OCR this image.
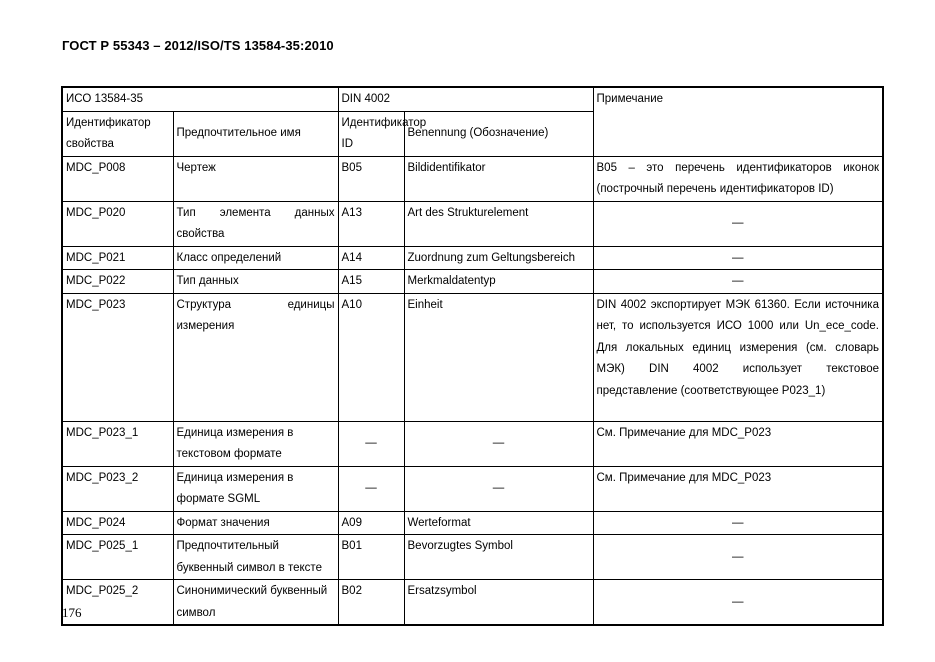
ГОСТ Р 55343 – 2012/ISO/TS 13584-35:2010
ИСО 13584-35		DIN 4002		Примечание
Идентификатор свойства	Предпочтительное имя	Идентификатор ID	Benennung (Обозначение)	
MDC_P008	Чертеж	B05	Bildidentifikator	B05 – это перечень идентификаторов иконок (построчный перечень идентификаторов ID)
MDC_P020	Тип элемента данных свойства	A13	Art des Strukturelement	—
MDC_P021	Класс определений	A14	Zuordnung zum Geltungsbereich	—
MDC_P022	Тип данных	A15	Merkmaldatentyp	—
MDC_P023	Структура единицы измерения	A10	Einheit	DIN 4002 экспортирует МЭК 61360. Если источника нет, то используется ИСО 1000 или Un_ece_code. Для локальных единиц измерения (см. словарь МЭК) DIN 4002 использует текстовое представление (соответствующее P023_1)
MDC_P023_1	Единица измерения в текстовом формате	—	—	См. Примечание для MDC_P023
MDC_P023_2	Единица измерения в формате SGML	—	—	См. Примечание для MDC_P023
MDC_P024	Формат значения	A09	Werteformat	—
MDC_P025_1	Предпочтительный буквенный символ в тексте	B01	Bevorzugtes Symbol	—
MDC_P025_2	Синонимический буквенный символ	B02	Ersatzsymbol	—
176
